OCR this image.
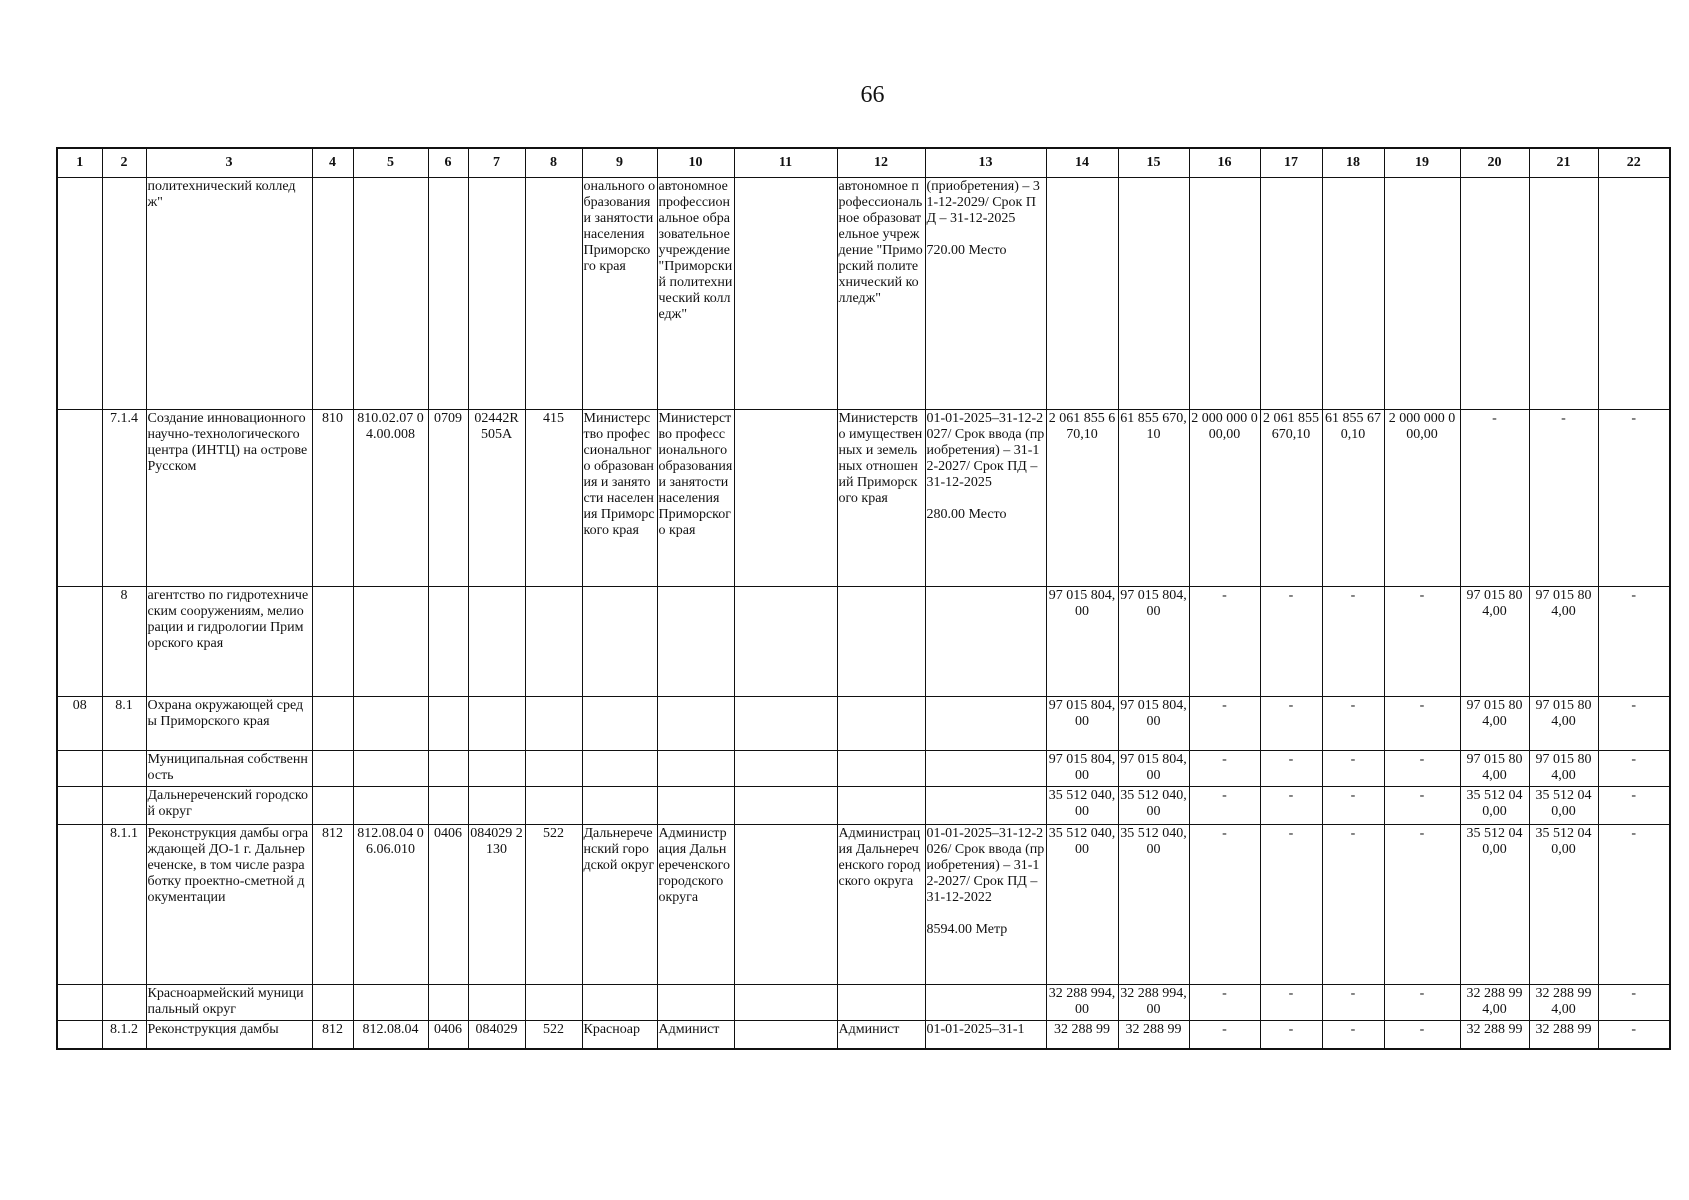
66
1	2	3	4	5	6	7	8	9	10	11	12	13	14	15	16	17	18	19	20	21	22
		политехнический колледж"						онального образования и занятости населения Приморского края	автономное профессиональное образовательное учреждение "Приморский политехнический колледж"		автономное профессиональное образовательное учреждение "Приморский политехнический колледж"	(приобретения) – 31-12-2029/ Срок ПД – 31-12-2025

720.00 Место									
	7.1.4	Создание инновационного научно-технологического центра (ИНТЦ) на острове Русском	810	810.02.07 04.00.008	0709	02442R 505A	415	Министерство профессионального образования и занятости населения Приморского края	Министерство профессионального образования и занятости населения Приморского края		Министерство имущественных и земельных отношений Приморского края	01-01-2025–31-12-2027/ Срок ввода (приобретения) – 31-12-2027/ Срок ПД – 31-12-2025

280.00 Место	2 061 855 670,10	61 855 670,10	2 000 000 000,00	2 061 855 670,10	61 855 670,10	2 000 000 000,00	-	-	-
	8	агентство по гидротехническим сооружениям, мелиорации и гидрологии Приморского края											97 015 804,00	97 015 804,00	-	-	-	-	97 015 804,00	97 015 804,00	-
08	8.1	Охрана окружающей среды Приморского края											97 015 804,00	97 015 804,00	-	-	-	-	97 015 804,00	97 015 804,00	-
		Муниципальная собственность											97 015 804,00	97 015 804,00	-	-	-	-	97 015 804,00	97 015 804,00	-
		Дальнереченский городской округ											35 512 040,00	35 512 040,00	-	-	-	-	35 512 040,00	35 512 040,00	-
	8.1.1	Реконструкция дамбы ограждающей ДО-1 г. Дальнереченске, в том числе разработку проектно-сметной документации	812	812.08.04 06.06.010	0406	084029 2130	522	Дальнереченский городской округ	Администрация Дальнереченского городского округа		Администрация Дальнереченского городского округа	01-01-2025–31-12-2026/ Срок ввода (приобретения) – 31-12-2027/ Срок ПД – 31-12-2022

8594.00 Метр	35 512 040,00	35 512 040,00	-	-	-	-	35 512 040,00	35 512 040,00	-
		Красноармейский муниципальный округ											32 288 994,00	32 288 994,00	-	-	-	-	32 288 994,00	32 288 994,00	-
	8.1.2	Реконструкция дамбы	812	812.08.04	0406	084029	522	Красноар	Админист		Админист	01-01-2025–31-1	32 288 99	32 288 99	-	-	-	-	32 288 99	32 288 99	-
